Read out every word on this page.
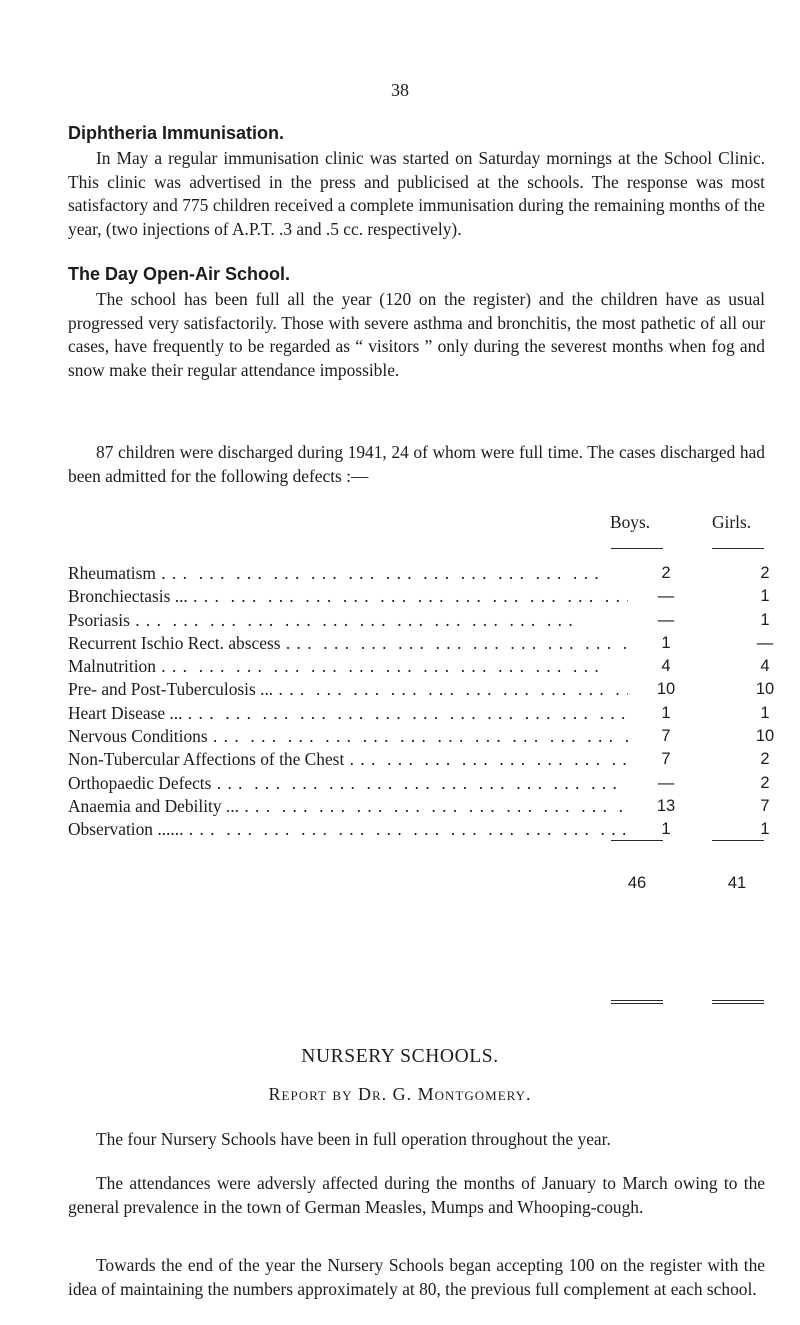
38
Diphtheria Immunisation.

In May a regular immunisation clinic was started on Saturday mornings at the School Clinic. This clinic was advertised in the press and publicised at the schools. The response was most satisfactory and 775 children received a complete immunisation during the remaining months of the year, (two injections of A.P.T. .3 and .5 cc. respectively).

The Day Open-Air School.

The school has been full all the year (120 on the register) and the children have as usual progressed very satisfactorily. Those with severe asthma and bronchitis, the most pathetic of all our cases, have frequently to be regarded as “ visitors ” only during the severest months when fog and snow make their regular attendance impossible.

87 children were discharged during 1941, 24 of whom were full time. The cases discharged had been admitted for the following defects :—

Boys.	Girls.
Rheumatism . . .	2	2
Bronchiectasis ... . . .	—	1
Psoriasis . . .	—	1
Recurrent Ischio Rect. abscess . . .	1	—
Malnutrition . . .	4	4
Pre- and Post-Tuberculosis ... . . .	10	10
Heart Disease ... . . .	1	1
Nervous Conditions . . .	7	10
Non-Tubercular Affections of the Chest . . .	7	2
Orthopaedic Defects . . .	—	2
Anaemia and Debility ... . . .	13	7
Observation ...... . . .	1	1
46	41
NURSERY SCHOOLS.
Report by Dr. G. Montgomery.

The four Nursery Schools have been in full operation throughout the year.

The attendances were adversly affected during the months of January to March owing to the general prevalence in the town of German Measles, Mumps and Whooping-cough.

Towards the end of the year the Nursery Schools began accepting 100 on the register with the idea of maintaining the numbers approximately at 80, the previous full complement at each school.
